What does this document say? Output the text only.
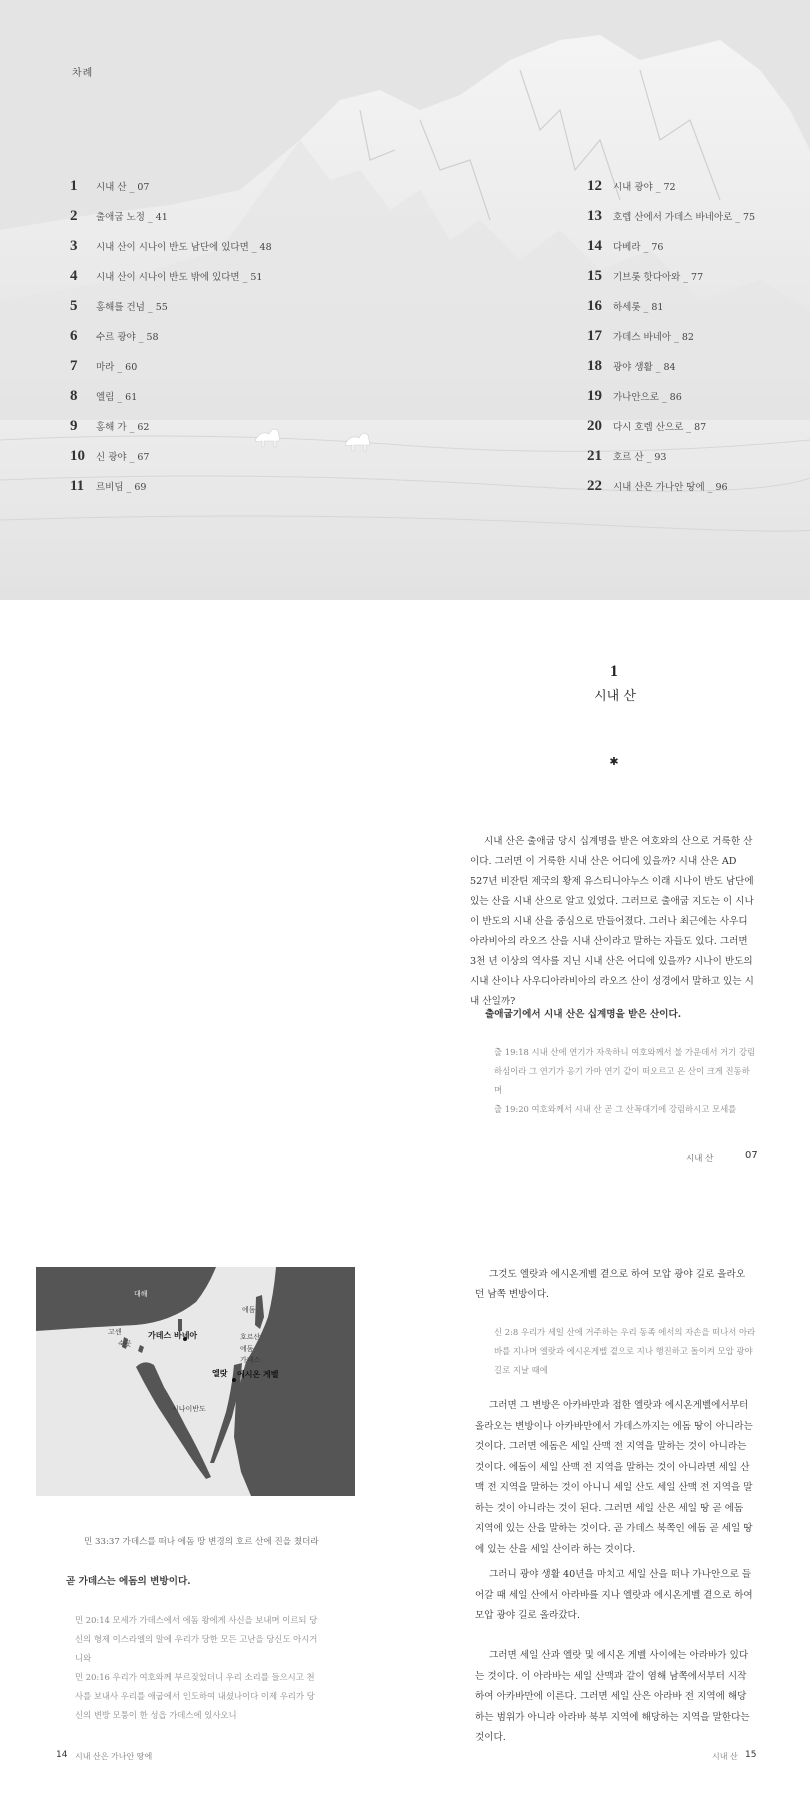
차례
1	시내 산 _ 07
2	출애굽 노정 _ 41
3	시내 산이 시나이 반도 남단에 있다면 _ 48
4	시내 산이 시나이 반도 밖에 있다면 _ 51
5	홍해를 건넘 _ 55
6	수르 광야 _ 58
7	마라 _ 60
8	엘림 _ 61
9	홍해 가 _ 62
10	신 광야 _ 67
11	르비딤 _ 69
12	시내 광야 _ 72
13	호렙 산에서 가데스 바네아로 _ 75
14	다베라 _ 76
15	기브롯 핫다아와 _ 77
16	하세롯 _ 81
17	가데스 바네아 _ 82
18	광야 생활 _ 84
19	가나안으로 _ 86
20	다시 호렙 산으로 _ 87
21	호르 산 _ 93
22	시내 산은 가나안 땅에 _ 96
1
시내 산
✱
시내 산은 출애굽 당시 십계명을 받은 여호와의 산으로 거룩한 산이다. 그러면 이 거룩한 시내 산은 어디에 있을까? 시내 산은 AD 527년 비잔틴 제국의 황제 유스티니아누스 이래 시나이 반도 남단에 있는 산을 시내 산으로 알고 있었다. 그러므로 출애굽 지도는 이 시나이 반도의 시내 산을 중심으로 만들어졌다. 그러나 최근에는 사우디아라비아의 라오즈 산을 시내 산이라고 말하는 자들도 있다. 그러면 3천 년 이상의 역사를 지닌 시내 산은 어디에 있을까? 시나이 반도의 시내 산이나 사우디아라비아의 라오즈 산이 성경에서 말하고 있는 시내 산일까?
출애굽기에서 시내 산은 십계명을 받은 산이다.
출 19:18 시내 산에 연기가 자욱하니 여호와께서 불 가운데서 거기 강림하심이라 그 연기가 옹기 가마 연기 같이 떠오르고 온 산이 크게 진동하며
출 19:20 여호와께서 시내 산 곧 그 산꼭대기에 강림하시고 모세를
시내 산	07
대해
고센
숙곳
가데스 바네아
에돔
호르산
에돔
가데스
엘랏 에시온 게벨
시나이반도
민 33:37 가데스를 떠나 에돔 땅 변경의 호르 산에 진을 쳤더라
곧 가데스는 에돔의 변방이다.
민 20:14 모세가 가데스에서 에돔 왕에게 사신을 보내며 이르되 당신의 형제 이스라엘의 말에 우리가 당한 모든 고난을 당신도 아시거니와
민 20:16 우리가 여호와께 부르짖었더니 우리 소리를 들으시고 천사를 보내사 우리를 애굽에서 인도하여 내셨나이다 이제 우리가 당신의 변방 모퉁이 한 성읍 가데스에 있사오니
14 시내 산은 가나안 땅에
그것도 엘랏과 에시온게벨 곁으로 하여 모압 광야 길로 올라오던 남쪽 변방이다.
신 2:8 우리가 세일 산에 거주하는 우리 동족 에서의 자손을 떠나서 아라바를 지나며 엘랏과 에시온게벨 곁으로 지나 행진하고 돌이켜 모압 광야 길로 지날 때에
그러면 그 변방은 아카바만과 접한 엘랏과 에시온게벨에서부터 올라오는 변방이나 아카바만에서 가데스까지는 에돔 땅이 아니라는 것이다. 그러면 에돔은 세일 산맥 전 지역을 말하는 것이 아니라는 것이다. 에돔이 세일 산맥 전 지역을 말하는 것이 아니라면 세일 산맥 전 지역을 말하는 것이 아니니 세일 산도 세일 산맥 전 지역을 말하는 것이 아니라는 것이 된다. 그러면 세일 산은 세일 땅 곧 에돔 지역에 있는 산을 말하는 것이다. 곧 가데스 북쪽인 에돔 곧 세일 땅에 있는 산을 세일 산이라 하는 것이다.
그러니 광야 생활 40년을 마치고 세일 산을 떠나 가나안으로 들어갈 때 세일 산에서 아라바를 지나 엘랏과 에시온게벨 곁으로 하여 모압 광야 길로 올라갔다.
그러면 세일 산과 엘랏 및 에시온 게벨 사이에는 아라바가 있다는 것이다. 이 아라바는 세일 산맥과 같이 염해 남쪽에서부터 시작하여 아카바만에 이른다. 그러면 세일 산은 아라바 전 지역에 해당하는 범위가 아니라 아라바 북부 지역에 해당하는 지역을 말한다는 것이다.
시내 산 15
